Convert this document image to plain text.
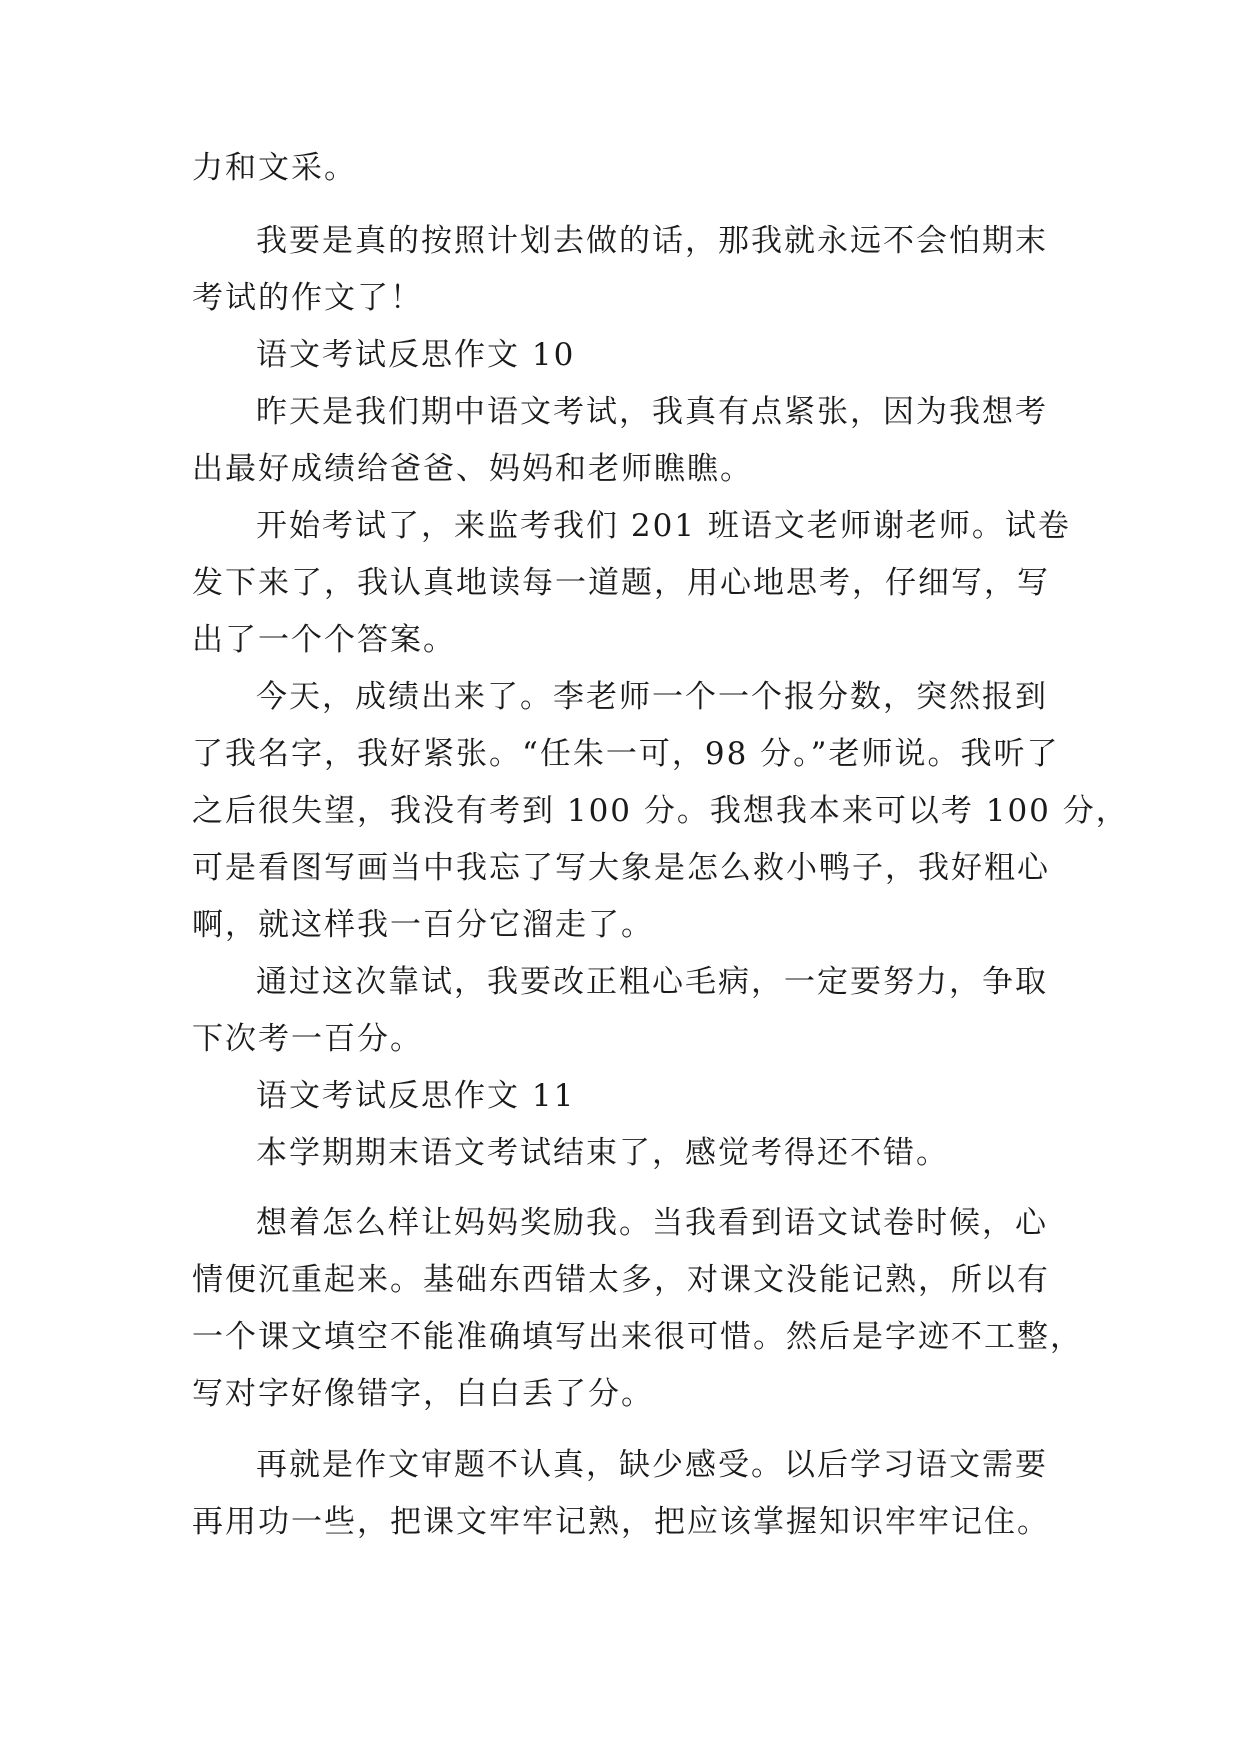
力和文采。

我要是真的按照计划去做的话，那我就永远不会怕期末

考试的作文了！

语文考试反思作文 10

昨天是我们期中语文考试，我真有点紧张，因为我想考

出最好成绩给爸爸、妈妈和老师瞧瞧。

开始考试了，来监考我们 201 班语文老师谢老师。试卷

发下来了，我认真地读每一道题，用心地思考，仔细写，写

出了一个个答案。

今天，成绩出来了。李老师一个一个报分数，突然报到

了我名字，我好紧张。“任朱一可，98 分。”老师说。我听了

之后很失望，我没有考到 100 分。我想我本来可以考 100 分，

可是看图写画当中我忘了写大象是怎么救小鸭子，我好粗心

啊，就这样我一百分它溜走了。

通过这次靠试，我要改正粗心毛病，一定要努力，争取

下次考一百分。

语文考试反思作文 11

本学期期末语文考试结束了，感觉考得还不错。

想着怎么样让妈妈奖励我。当我看到语文试卷时候，心

情便沉重起来。基础东西错太多，对课文没能记熟，所以有

一个课文填空不能准确填写出来很可惜。然后是字迹不工整，

写对字好像错字，白白丢了分。

再就是作文审题不认真，缺少感受。以后学习语文需要

再用功一些，把课文牢牢记熟，把应该掌握知识牢牢记住。
